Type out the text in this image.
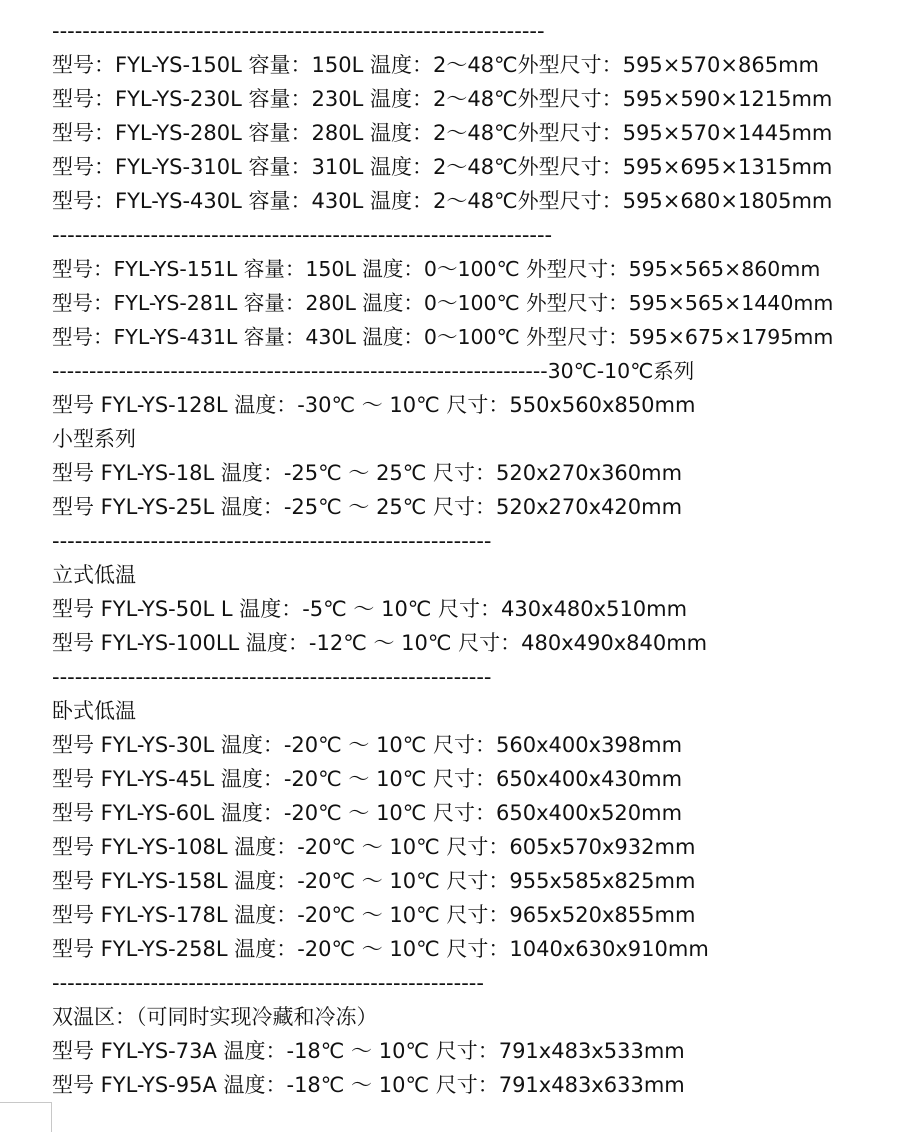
-----------------------------------------------------------------
型号：FYL-YS-150L 容量：150L 温度：2～48℃外型尺寸：595×570×865mm
型号：FYL-YS-230L 容量：230L 温度：2～48℃外型尺寸：595×590×1215mm
型号：FYL-YS-280L 容量：280L 温度：2～48℃外型尺寸：595×570×1445mm
型号：FYL-YS-310L 容量：310L 温度：2～48℃外型尺寸：595×695×1315mm
型号：FYL-YS-430L 容量：430L 温度：2～48℃外型尺寸：595×680×1805mm
------------------------------------------------------------------
型号：FYL-YS-151L 容量：150L 温度：0～100℃ 外型尺寸：595×565×860mm
型号：FYL-YS-281L 容量：280L 温度：0～100℃ 外型尺寸：595×565×1440mm
型号：FYL-YS-431L 容量：430L 温度：0～100℃ 外型尺寸：595×675×1795mm
-------------------------------------------------------------------30℃-10℃系列
型号 FYL-YS-128L 温度：-30℃ ～ 10℃ 尺寸：550x560x850mm
小型系列
型号 FYL-YS-18L 温度：-25℃ ～ 25℃ 尺寸：520x270x360mm
型号 FYL-YS-25L 温度：-25℃ ～ 25℃ 尺寸：520x270x420mm
----------------------------------------------------------
立式低温
型号 FYL-YS-50L L 温度：-5℃ ～ 10℃ 尺寸：430x480x510mm
型号 FYL-YS-100LL 温度：-12℃ ～ 10℃ 尺寸：480x490x840mm
----------------------------------------------------------
卧式低温
型号 FYL-YS-30L 温度：-20℃ ～ 10℃ 尺寸：560x400x398mm
型号 FYL-YS-45L 温度：-20℃ ～ 10℃ 尺寸：650x400x430mm
型号 FYL-YS-60L 温度：-20℃ ～ 10℃ 尺寸：650x400x520mm
型号 FYL-YS-108L 温度：-20℃ ～ 10℃ 尺寸：605x570x932mm
型号 FYL-YS-158L 温度：-20℃ ～ 10℃ 尺寸：955x585x825mm
型号 FYL-YS-178L 温度：-20℃ ～ 10℃ 尺寸：965x520x855mm
型号 FYL-YS-258L 温度：-20℃ ～ 10℃ 尺寸：1040x630x910mm
---------------------------------------------------------
双温区：（可同时实现冷藏和冷冻）
型号 FYL-YS-73A 温度：-18℃ ～ 10℃ 尺寸：791x483x533mm
型号 FYL-YS-95A 温度：-18℃ ～ 10℃ 尺寸：791x483x633mm
